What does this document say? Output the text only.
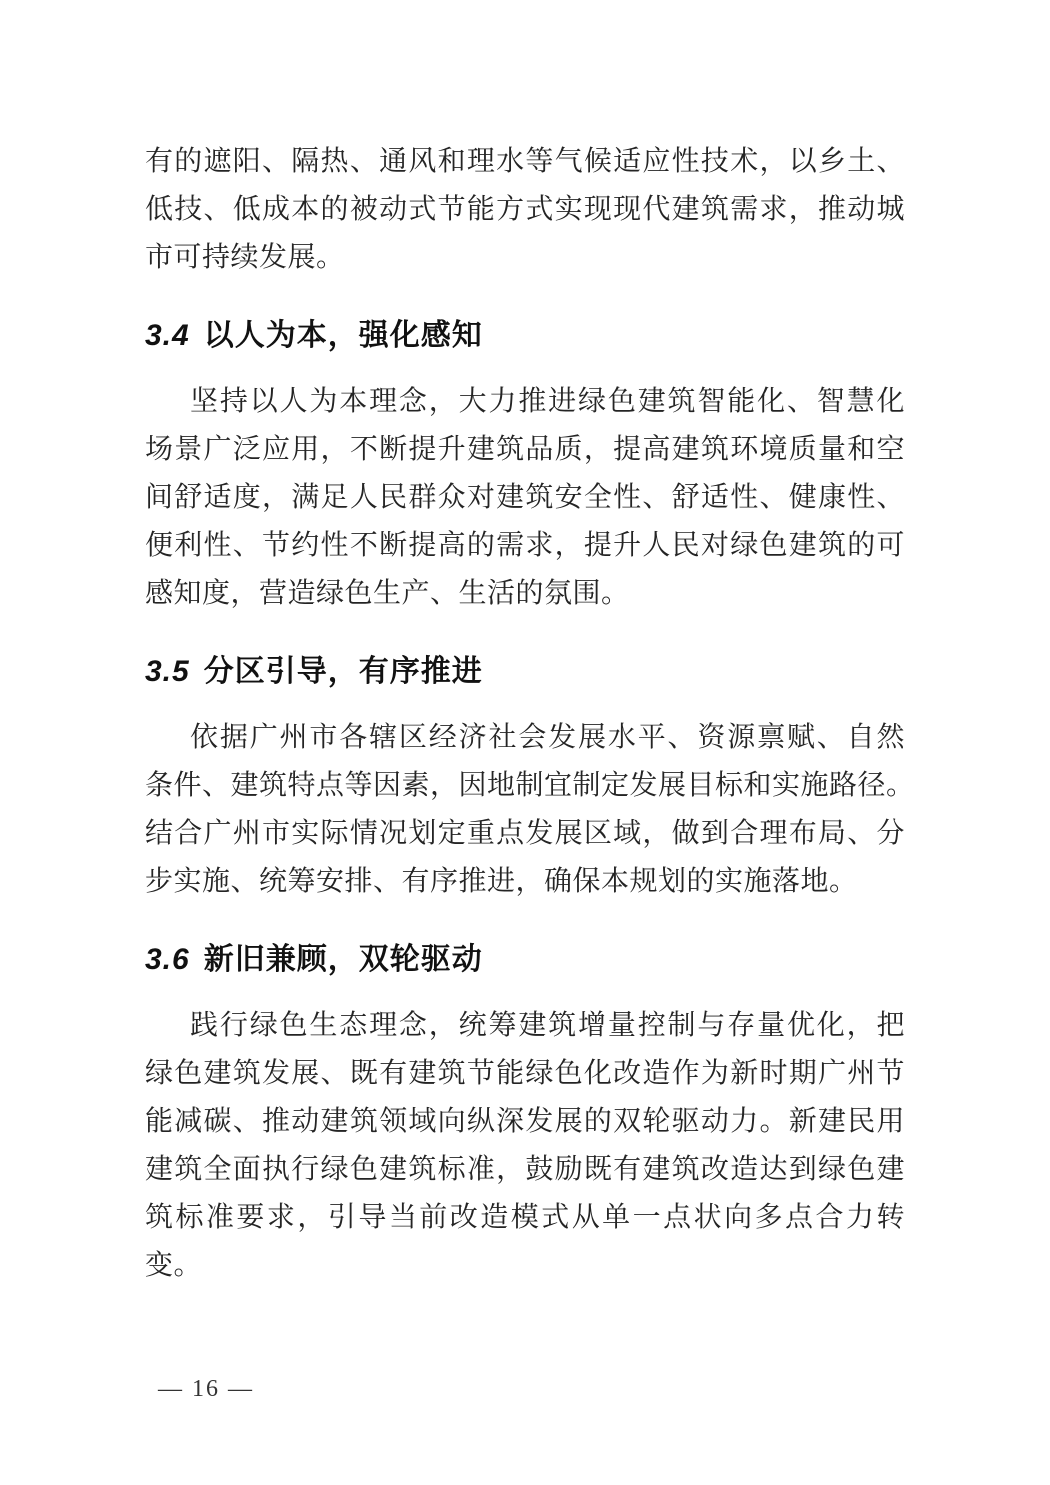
有的遮阳、隔热、通风和理水等气候适应性技术，以乡土、
低技、低成本的被动式节能方式实现现代建筑需求，推动城
市可持续发展。
3.4 以人为本，强化感知
坚持以人为本理念，大力推进绿色建筑智能化、智慧化
场景广泛应用，不断提升建筑品质，提高建筑环境质量和空
间舒适度，满足人民群众对建筑安全性、舒适性、健康性、
便利性、节约性不断提高的需求，提升人民对绿色建筑的可
感知度，营造绿色生产、生活的氛围。
3.5 分区引导，有序推进
依据广州市各辖区经济社会发展水平、资源禀赋、自然
条件、建筑特点等因素，因地制宜制定发展目标和实施路径。
结合广州市实际情况划定重点发展区域，做到合理布局、分
步实施、统筹安排、有序推进，确保本规划的实施落地。
3.6 新旧兼顾，双轮驱动
践行绿色生态理念，统筹建筑增量控制与存量优化，把
绿色建筑发展、既有建筑节能绿色化改造作为新时期广州节
能减碳、推动建筑领域向纵深发展的双轮驱动力。新建民用
建筑全面执行绿色建筑标准，鼓励既有建筑改造达到绿色建
筑标准要求，引导当前改造模式从单一点状向多点合力转
变。
— 16 —
